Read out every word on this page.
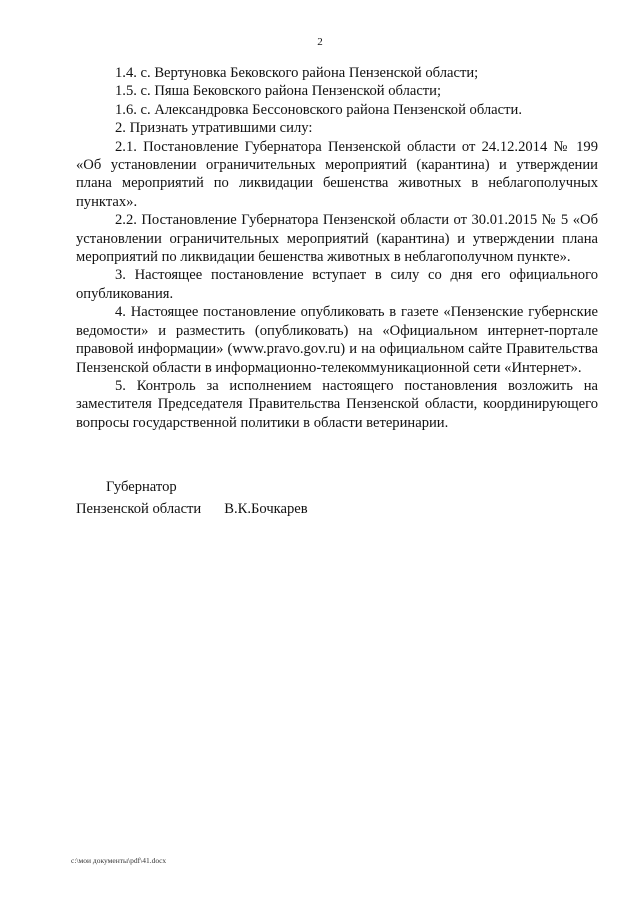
2

1.4. с. Вертуновка Бековского района Пензенской области;

1.5. с. Пяша Бековского района Пензенской области;

1.6. с. Александровка Бессоновского района Пензенской области.

2. Признать утратившими силу:

2.1. Постановление Губернатора Пензенской области от 24.12.2014 № 199 «Об установлении ограничительных мероприятий (карантина) и утверждении плана мероприятий по ликвидации бешенства животных в неблагополучных пунктах».

2.2. Постановление Губернатора Пензенской области от 30.01.2015 № 5 «Об установлении ограничительных мероприятий (карантина) и утверждении плана мероприятий по ликвидации бешенства животных в неблагополучном пункте».

3. Настоящее постановление вступает в силу со дня его официального опубликования.

4. Настоящее постановление опубликовать в газете «Пензенские губернские ведомости» и разместить (опубликовать) на «Официальном интернет-портале правовой информации» (www.pravo.gov.ru) и на официальном сайте Правительства Пензенской области в информационно-телекоммуникационной сети «Интернет».

5. Контроль за исполнением настоящего постановления возложить на заместителя Председателя Правительства Пензенской области, координирующего вопросы государственной политики в области ветеринарии.

Губернатор
Пензенской области В.К.Бочкарев
c:\мои документы\pdf\41.docx
